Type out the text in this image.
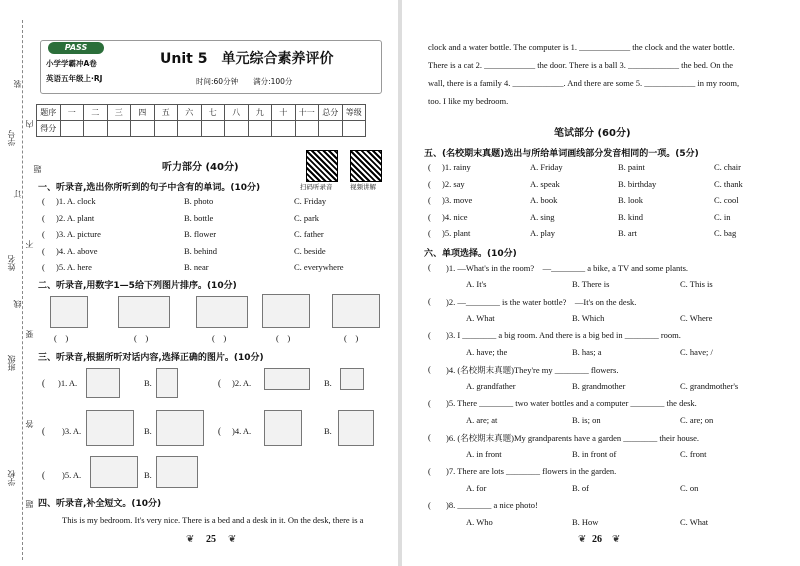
装
订
线
内
不
要
答
题
题
学号
姓名
班级
学校
PASS
小学学霸冲A卷
英语五年级上·RJ
Unit 5　单元综合素养评价
时间:60分钟　　满分:100分
题序	一	二	三	四	五	六	七	八	九	十	十一	总分	等级
得分													
听力部分 (40分)
扫码听录音	视频讲解
一、听录音,选出你所听到的句子中含有的单词。(10分)
( )1. A. clock	B. photo	C. Friday
( )2. A. plant	B. bottle	C. park
( )3. A. picture	B. flower	C. father
( )4. A. above	B. behind	C. beside
( )5. A. here	B. near	C. everywhere
二、听录音,用数字1—5给下列图片排序。(10分)
(　)	(　)	(　)	(　)	(　)
三、听录音,根据所听对话内容,选择正确的图片。(10分)
( )1. A.	B.	( )2. A.	B.
( )3. A.	B.	( )4. A.	B.
( )5. A.	B.
四、听录音,补全短文。(10分)
This is my bedroom. It's very nice. There is a bed and a desk in it. On the desk, there is a
❦ 25 ❦
clock and a water bottle. The computer is 1. ____________ the clock and the water bottle.
There is a cat 2. ____________ the door. There is a ball 3. ____________ the bed. On the
wall, there is a family 4. ____________. And there are some 5. ____________ in my room,
too. I like my bedroom.
笔试部分 (60分)
五、(名校期末真题)选出与所给单词画线部分发音相同的一项。(5分)
( )1. rainy	A. Friday	B. paint	C. chair
( )2. say	A. speak	B. birthday	C. thank
( )3. move	A. book	B. look	C. cool
( )4. nice	A. sing	B. kind	C. in
( )5. plant	A. play	B. art	C. bag
六、单项选择。(10分)
( )1. —What's in the room?　—________ a bike, a TV and some plants.
A. It's	B. There is	C. This is
( )2. —________ is the water bottle?　—It's on the desk.
A. What	B. Which	C. Where
( )3. I ________ a big room. And there is a big bed in ________ room.
A. have; the	B. has; a	C. have; /
( )4. (名校期末真题)They're my ________ flowers.
A. grandfather	B. grandmother	C. grandmother's
( )5. There ________ two water bottles and a computer ________ the desk.
A. are; at	B. is; on	C. are; on
( )6. (名校期末真题)My grandparents have a garden ________ their house.
A. in front	B. in front of	C. front
( )7. There are lots ________ flowers in the garden.
A. for	B. of	C. on
( )8. ________ a nice photo!
A. Who	B. How	C. What
❦ 26 ❦
